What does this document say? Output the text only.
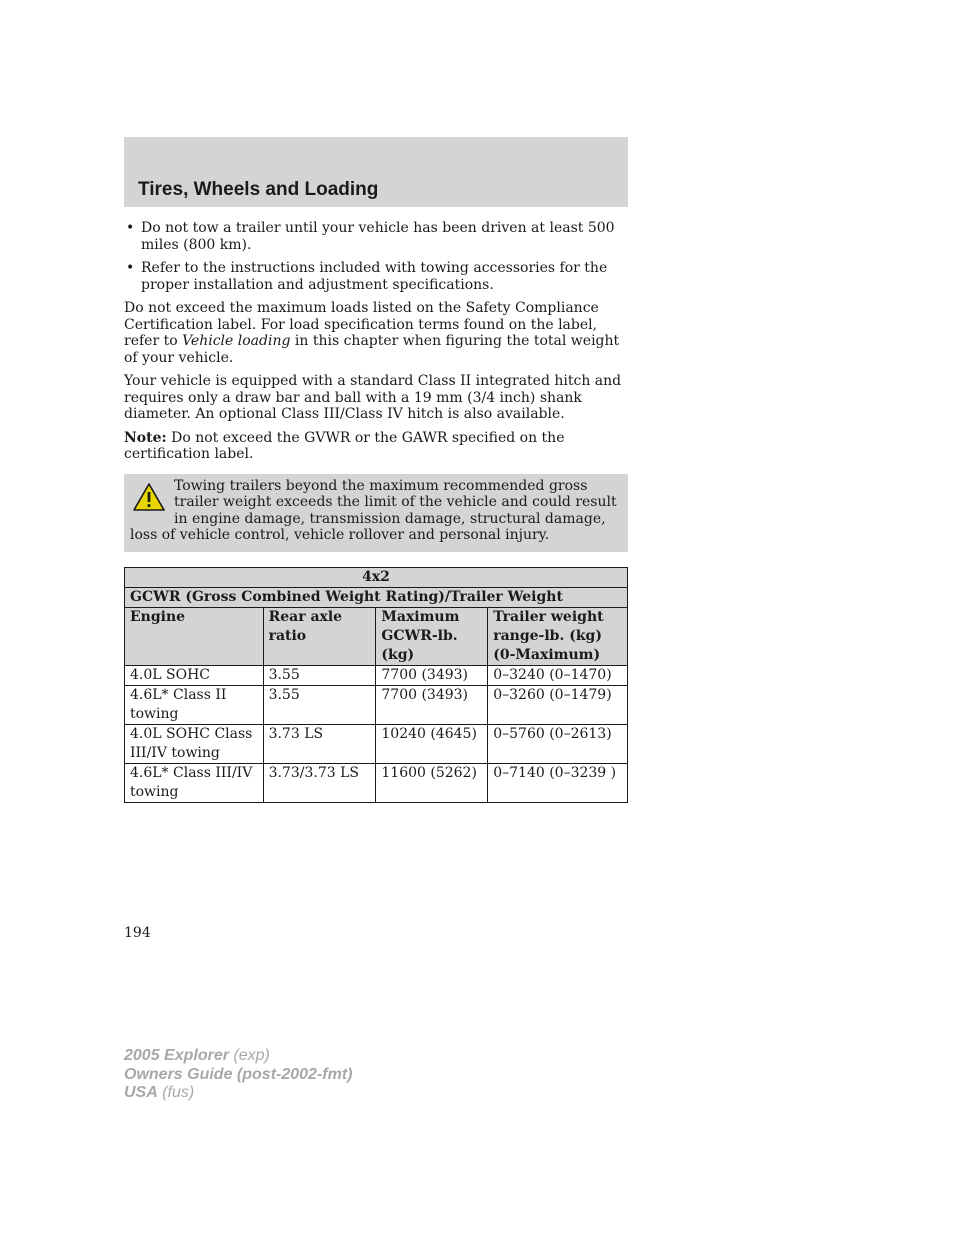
Tires, Wheels and Loading
• Do not tow a trailer until your vehicle has been driven at least 500 miles (800 km).
• Refer to the instructions included with towing accessories for the proper installation and adjustment specifications.

Do not exceed the maximum loads listed on the Safety Compliance Certification label. For load specification terms found on the label, refer to Vehicle loading in this chapter when figuring the total weight of your vehicle.

Your vehicle is equipped with a standard Class II integrated hitch and requires only a draw bar and ball with a 19 mm (3/4 inch) shank diameter. An optional Class III/Class IV hitch is also available.

Note: Do not exceed the GVWR or the GAWR specified on the certification label.

Towing trailers beyond the maximum recommended gross trailer weight exceeds the limit of the vehicle and could result in engine damage, transmission damage, structural damage, loss of vehicle control, vehicle rollover and personal injury.

4x2			
GCWR (Gross Combined Weight Rating)/Trailer Weight			
Engine	Rear axle ratio	Maximum GCWR-lb. (kg)	Trailer weight range-lb. (kg) (0-Maximum)
4.0L SOHC	3.55	7700 (3493)	0–3240 (0–1470)
4.6L* Class II towing	3.55	7700 (3493)	0–3260 (0–1479)
4.0L SOHC Class III/IV towing	3.73 LS	10240 (4645)	0–5760 (0–2613)
4.6L* Class III/IV towing	3.73/3.73 LS	11600 (5262)	0–7140 (0–3239 )
194
2005 Explorer (exp)
Owners Guide (post-2002-fmt)
USA (fus)
